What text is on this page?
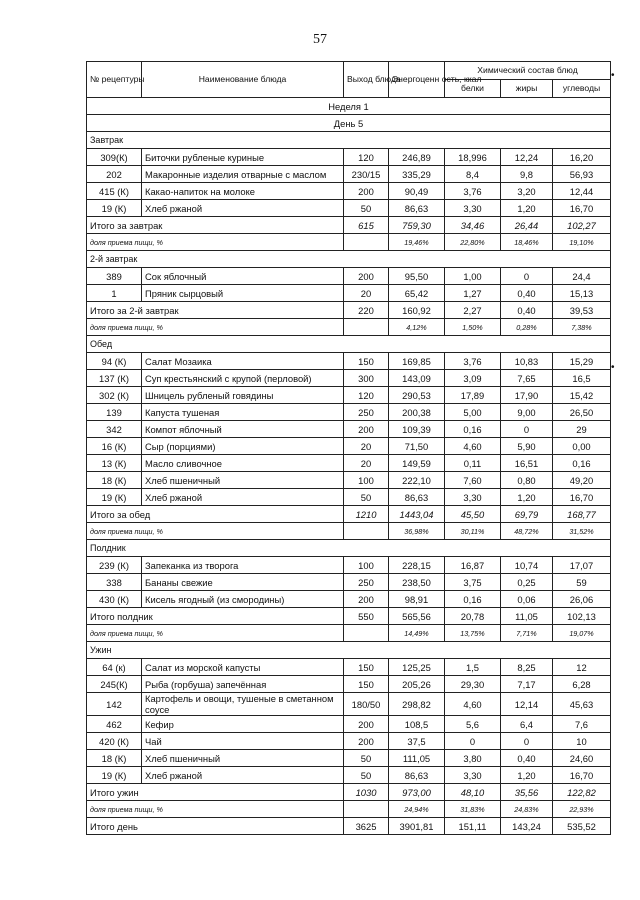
57
№ рецептуры	Наименование блюда	Выход блюда	Энергоценн ость, ккал	Химический состав блюд		
				белки	жиры	углеводы
Неделя 1						
День 5						
Завтрак						
309(К)	Биточки рубленые куриные	120	246,89	18,996	12,24	16,20
202	Макаронные изделия отварные с маслом	230/15	335,29	8,4	9,8	56,93
415 (К)	Какао-напиток на молоке	200	90,49	3,76	3,20	12,44
19 (К)	Хлеб ржаной	50	86,63	3,30	1,20	16,70
Итого за завтрак		615	759,30	34,46	26,44	102,27
доля приема пищи, %			19,46%	22,80%	18,46%	19,10%
2-й завтрак						
389	Сок яблочный	200	95,50	1,00	0	24,4
1	Пряник сырцовый	20	65,42	1,27	0,40	15,13
Итого за 2-й завтрак		220	160,92	2,27	0,40	39,53
доля приема пищи, %			4,12%	1,50%	0,28%	7,38%
Обед						
94 (К)	Салат Мозаика	150	169,85	3,76	10,83	15,29
137 (К)	Суп крестьянский с крупой (перловой)	300	143,09	3,09	7,65	16,5
302 (К)	Шницель рубленый говядины	120	290,53	17,89	17,90	15,42
139	Капуста тушеная	250	200,38	5,00	9,00	26,50
342	Компот яблочный	200	109,39	0,16	0	29
16 (К)	Сыр (порциями)	20	71,50	4,60	5,90	0,00
13 (К)	Масло сливочное	20	149,59	0,11	16,51	0,16
18 (К)	Хлеб пшеничный	100	222,10	7,60	0,80	49,20
19 (К)	Хлеб ржаной	50	86,63	3,30	1,20	16,70
Итого за обед		1210	1443,04	45,50	69,79	168,77
доля приема пищи, %			36,98%	30,11%	48,72%	31,52%
Полдник						
239 (К)	Запеканка из творога	100	228,15	16,87	10,74	17,07
338	Бананы свежие	250	238,50	3,75	0,25	59
430 (К)	Кисель ягодный (из смородины)	200	98,91	0,16	0,06	26,06
Итого полдник		550	565,56	20,78	11,05	102,13
доля приема пищи, %			14,49%	13,75%	7,71%	19,07%
Ужин						
64 (к)	Салат из морской капусты	150	125,25	1,5	8,25	12
245(К)	Рыба (горбуша) запечённая	150	205,26	29,30	7,17	6,28
142	Картофель и овощи, тушеные в сметанном соусе	180/50	298,82	4,60	12,14	45,63
462	Кефир	200	108,5	5,6	6,4	7,6
420 (К)	Чай	200	37,5	0	0	10
18 (К)	Хлеб пшеничный	50	111,05	3,80	0,40	24,60
19 (К)	Хлеб ржаной	50	86,63	3,30	1,20	16,70
Итого ужин		1030	973,00	48,10	35,56	122,82
доля приема пищи, %			24,94%	31,83%	24,83%	22,93%
Итого день		3625	3901,81	151,11	143,24	535,52
•
•
